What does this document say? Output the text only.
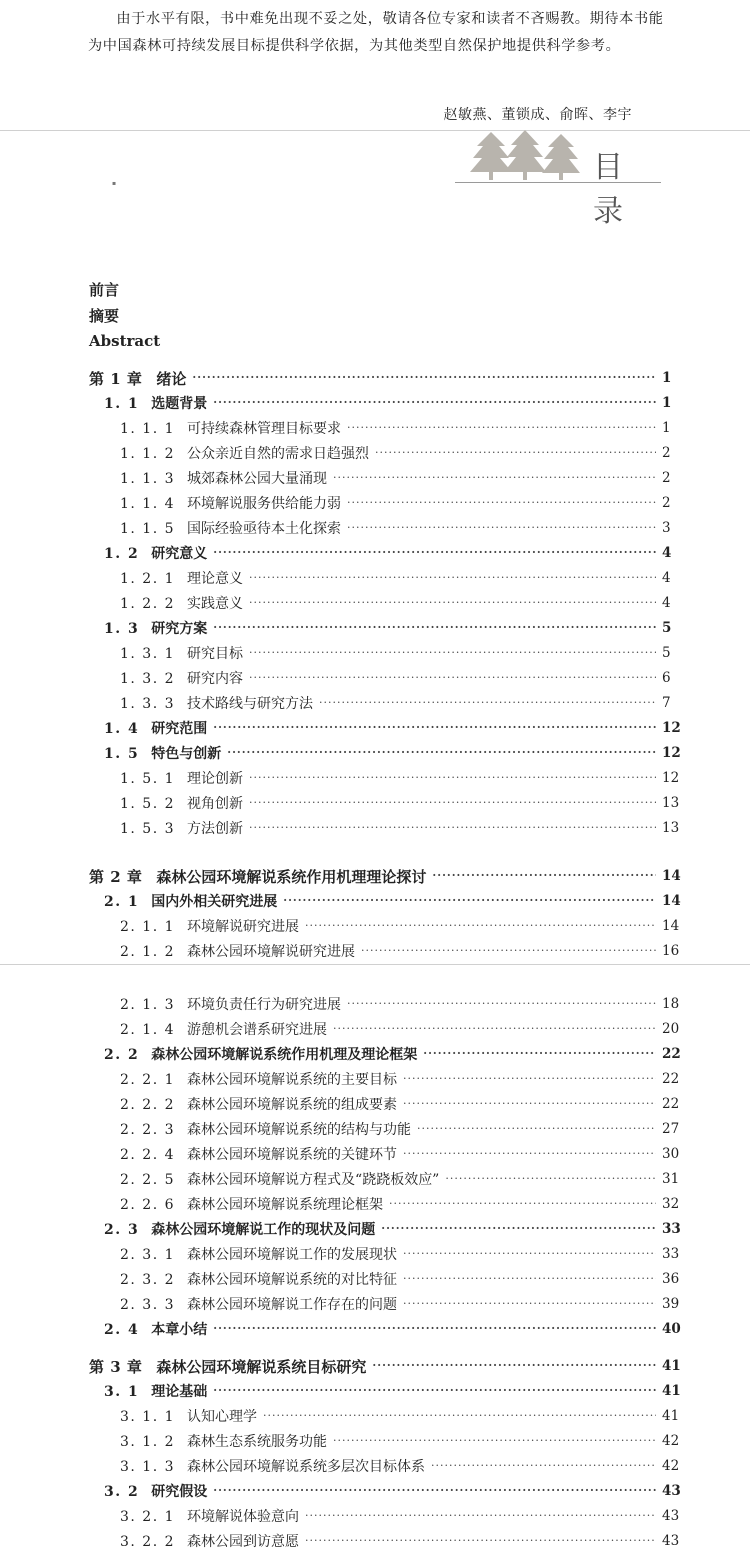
由于水平有限，书中难免出现不妥之处，敬请各位专家和读者不吝赐教。期待本书能为中国森林可持续发展目标提供科学依据，为其他类型自然保护地提供科学参考。

赵敏燕、董锁成、俞晖、李宇
目录
▪
前言
摘要
Abstract
第 1 章 绪论 ·····	1
1. 1 选题背景 ·····	1
1. 1. 1 可持续森林管理目标要求 ·····	1
1. 1. 2 公众亲近自然的需求日趋强烈 ·····	2
1. 1. 3 城郊森林公园大量涌现 ·····	2
1. 1. 4 环境解说服务供给能力弱 ·····	2
1. 1. 5 国际经验亟待本土化探索 ·····	3
1. 2 研究意义 ·····	4
1. 2. 1 理论意义 ·····	4
1. 2. 2 实践意义 ·····	4
1. 3 研究方案 ·····	5
1. 3. 1 研究目标 ·····	5
1. 3. 2 研究内容 ·····	6
1. 3. 3 技术路线与研究方法 ·····	7
1. 4 研究范围 ·····	12
1. 5 特色与创新 ·····	12
1. 5. 1 理论创新 ·····	12
1. 5. 2 视角创新 ·····	13
1. 5. 3 方法创新 ·····	13
第 2 章 森林公园环境解说系统作用机理理论探讨 ·····	14
2. 1 国内外相关研究进展 ·····	14
2. 1. 1 环境解说研究进展 ·····	14
2. 1. 2 森林公园环境解说研究进展 ·····	16
2. 1. 3 环境负责任行为研究进展 ·····	18
2. 1. 4 游憩机会谱系研究进展 ·····	20
2. 2 森林公园环境解说系统作用机理及理论框架 ·····	22
2. 2. 1 森林公园环境解说系统的主要目标 ·····	22
2. 2. 2 森林公园环境解说系统的组成要素 ·····	22
2. 2. 3 森林公园环境解说系统的结构与功能 ·····	27
2. 2. 4 森林公园环境解说系统的关键环节 ·····	30
2. 2. 5 森林公园环境解说方程式及“跷跷板效应” ·····	31
2. 2. 6 森林公园环境解说系统理论框架 ·····	32
2. 3 森林公园环境解说工作的现状及问题 ·····	33
2. 3. 1 森林公园环境解说工作的发展现状 ·····	33
2. 3. 2 森林公园环境解说系统的对比特征 ·····	36
2. 3. 3 森林公园环境解说工作存在的问题 ·····	39
2. 4 本章小结 ·····	40
第 3 章 森林公园环境解说系统目标研究 ·····	41
3. 1 理论基础 ·····	41
3. 1. 1 认知心理学 ·····	41
3. 1. 2 森林生态系统服务功能 ·····	42
3. 1. 3 森林公园环境解说系统多层次目标体系 ·····	42
3. 2 研究假设 ·····	43
3. 2. 1 环境解说体验意向 ·····	43
3. 2. 2 森林公园到访意愿 ·····	43
